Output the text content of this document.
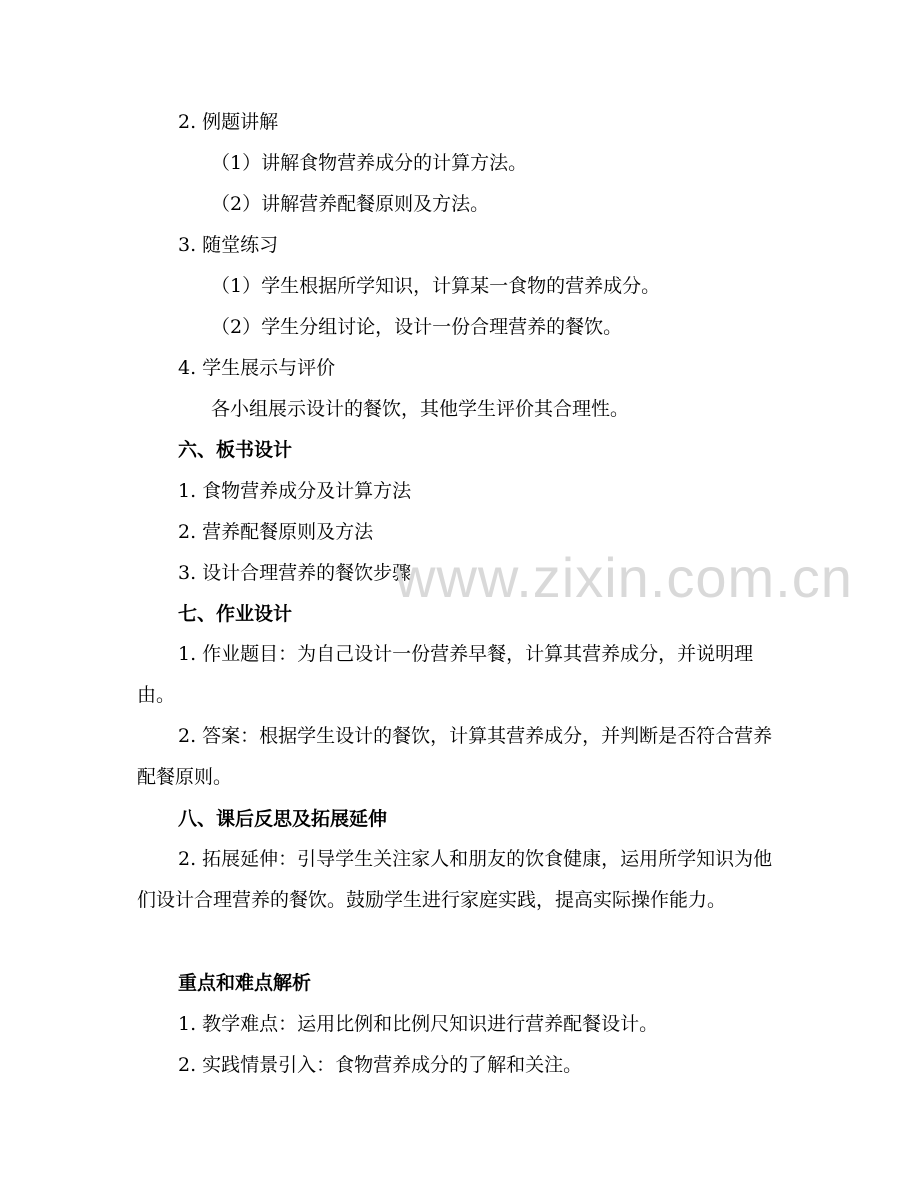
2. 例题讲解
（1）讲解食物营养成分的计算方法。
（2）讲解营养配餐原则及方法。
3. 随堂练习
（1）学生根据所学知识，计算某一食物的营养成分。
（2）学生分组讨论，设计一份合理营养的餐饮。
4. 学生展示与评价
各小组展示设计的餐饮，其他学生评价其合理性。
六、板书设计
1. 食物营养成分及计算方法
2. 营养配餐原则及方法
3. 设计合理营养的餐饮步骤
七、作业设计
1. 作业题目：为自己设计一份营养早餐，计算其营养成分，并说明理由。
2. 答案：根据学生设计的餐饮，计算其营养成分，并判断是否符合营养配餐原则。
八、课后反思及拓展延伸
2. 拓展延伸：引导学生关注家人和朋友的饮食健康，运用所学知识为他们设计合理营养的餐饮。鼓励学生进行家庭实践，提高实际操作能力。
重点和难点解析
1. 教学难点：运用比例和比例尺知识进行营养配餐设计。
2. 实践情景引入：食物营养成分的了解和关注。
www.zixin.com.cn
